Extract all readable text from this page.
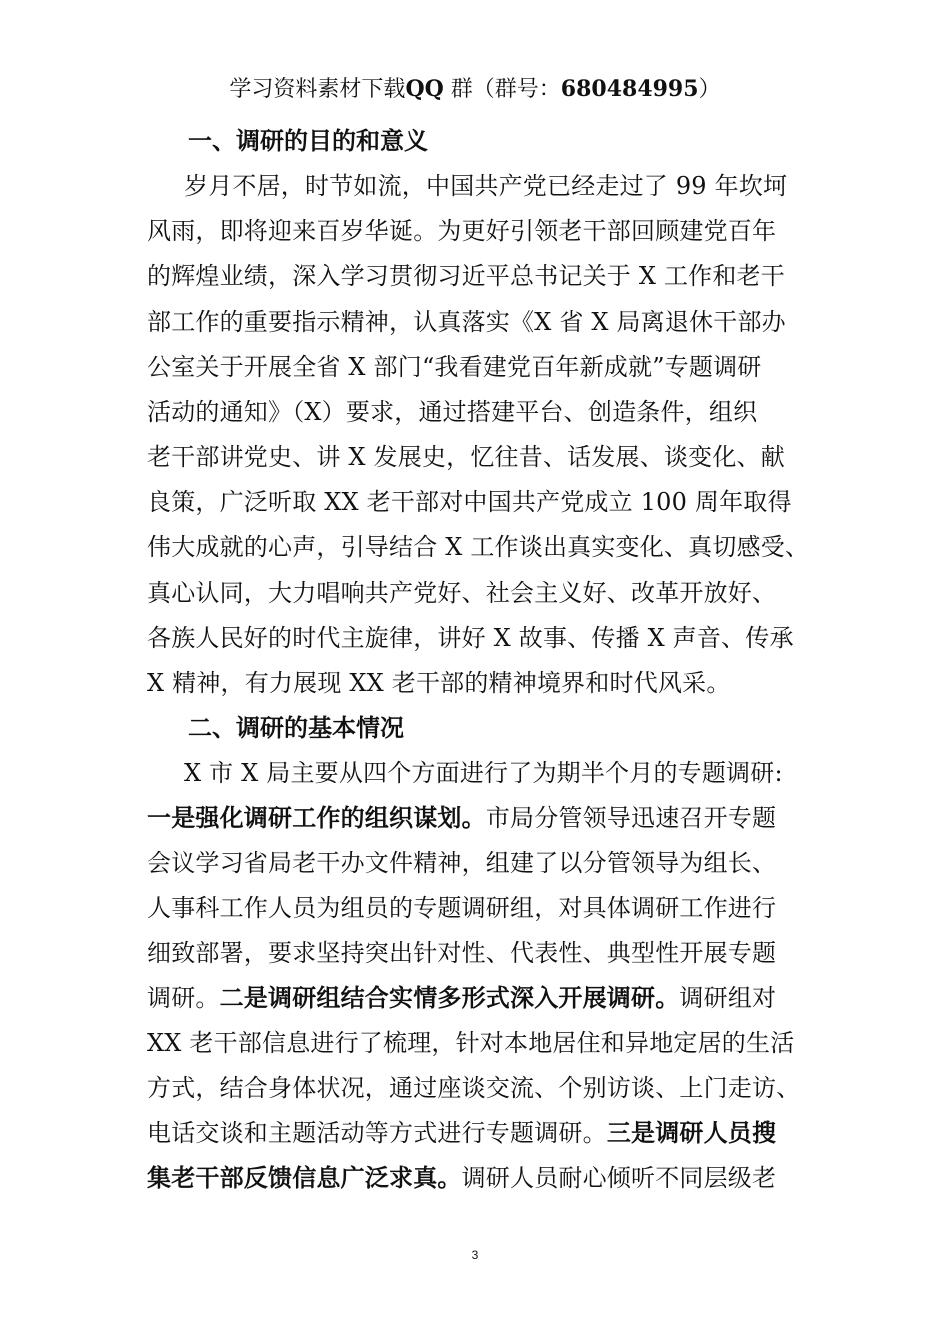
学习资料素材下载QQ 群（群号：680484995）
一、调研的目的和意义
岁月不居，时节如流，中国共产党已经走过了 99 年坎坷
风雨，即将迎来百岁华诞。为更好引领老干部回顾建党百年
的辉煌业绩，深入学习贯彻习近平总书记关于 X 工作和老干
部工作的重要指示精神，认真落实《X 省 X 局离退休干部办
公室关于开展全省 X 部门“我看建党百年新成就”专题调研
活动的通知》（X）要求，通过搭建平台、创造条件，组织
老干部讲党史、讲 X 发展史，忆往昔、话发展、谈变化、献
良策，广泛听取 XX 老干部对中国共产党成立 100 周年取得
伟大成就的心声，引导结合 X 工作谈出真实变化、真切感受、
真心认同，大力唱响共产党好、社会主义好、改革开放好、
各族人民好的时代主旋律，讲好 X 故事、传播 X 声音、传承
X 精神，有力展现 XX 老干部的精神境界和时代风采。
二、调研的基本情况
X 市 X 局主要从四个方面进行了为期半个月的专题调研:
一是强化调研工作的组织谋划。市局分管领导迅速召开专题
会议学习省局老干办文件精神，组建了以分管领导为组长、
人事科工作人员为组员的专题调研组，对具体调研工作进行
细致部署，要求坚持突出针对性、代表性、典型性开展专题
调研。二是调研组结合实情多形式深入开展调研。调研组对
XX 老干部信息进行了梳理，针对本地居住和异地定居的生活
方式，结合身体状况，通过座谈交流、个别访谈、上门走访、
电话交谈和主题活动等方式进行专题调研。三是调研人员搜
集老干部反馈信息广泛求真。调研人员耐心倾听不同层级老
3
